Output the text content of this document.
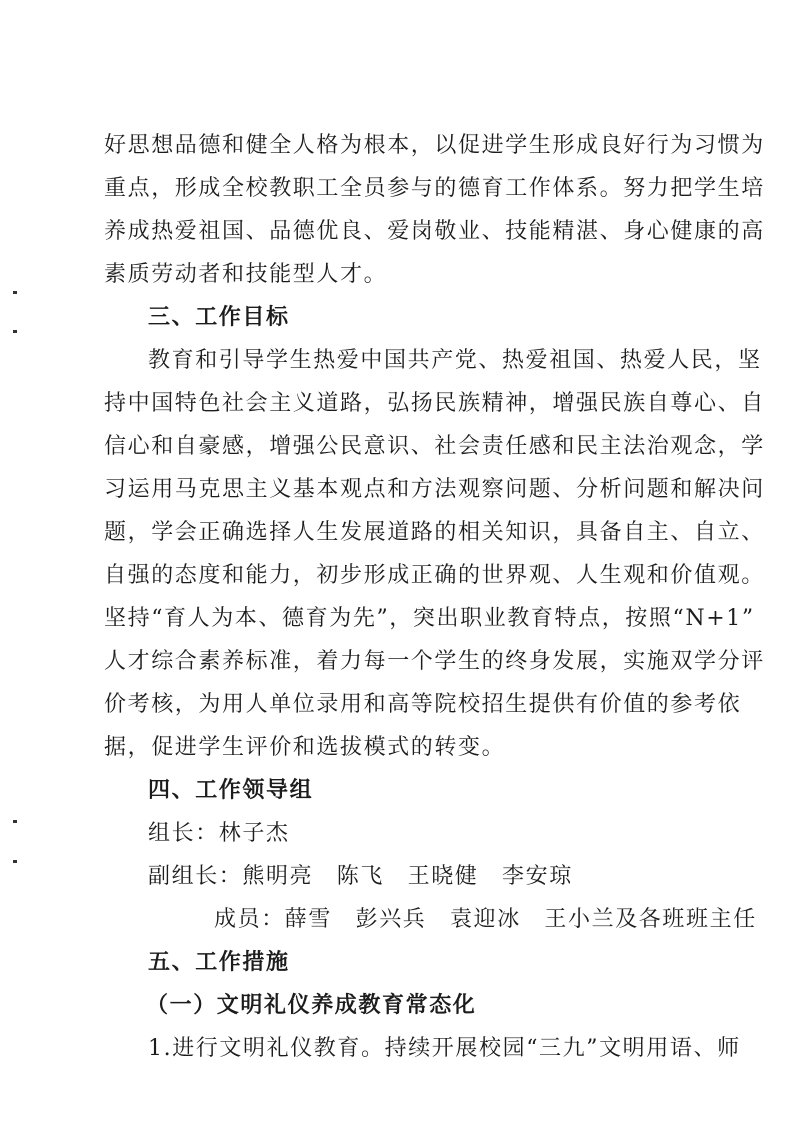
好思想品德和健全人格为根本，以促进学生形成良好行为习惯为
重点，形成全校教职工全员参与的德育工作体系。努力把学生培
养成热爱祖国、品德优良、爱岗敬业、技能精湛、身心健康的高
素质劳动者和技能型人才。
三、工作目标
教育和引导学生热爱中国共产党、热爱祖国、热爱人民，坚
持中国特色社会主义道路，弘扬民族精神，增强民族自尊心、自
信心和自豪感，增强公民意识、社会责任感和民主法治观念，学
习运用马克思主义基本观点和方法观察问题、分析问题和解决问
题，学会正确选择人生发展道路的相关知识，具备自主、自立、
自强的态度和能力，初步形成正确的世界观、人生观和价值观。
坚持“育人为本、德育为先”，突出职业教育特点，按照“N+1”
人才综合素养标准，着力每一个学生的终身发展，实施双学分评
价考核，为用人单位录用和高等院校招生提供有价值的参考依
据，促进学生评价和选拔模式的转变。
四、工作领导组
组长：林子杰
副组长：熊明亮　陈飞　王晓健　李安琼
成员：薛雪　彭兴兵　袁迎冰　王小兰及各班班主任
五、工作措施
（一）文明礼仪养成教育常态化
1.进行文明礼仪教育。持续开展校园“三九”文明用语、师
